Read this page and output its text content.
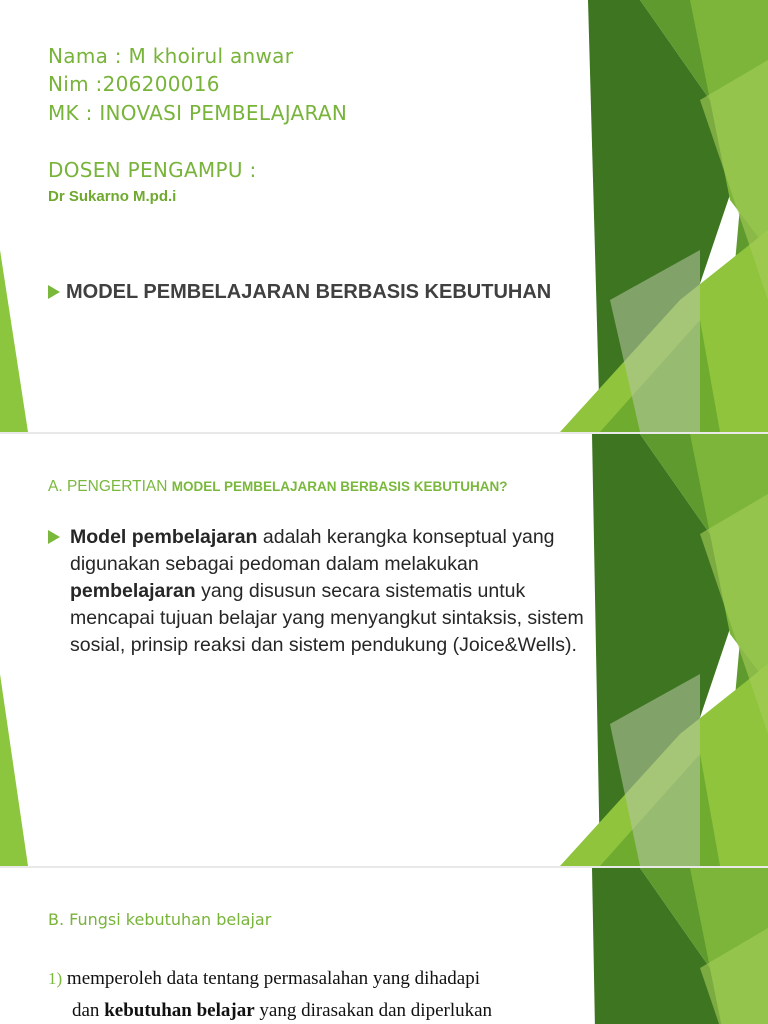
Nama : M khoirul anwar
Nim :206200016
MK : INOVASI PEMBELAJARAN
DOSEN PENGAMPU :
Dr Sukarno M.pd.i
MODEL PEMBELAJARAN BERBASIS KEBUTUHAN
A. PENGERTIAN MODEL PEMBELAJARAN BERBASIS KEBUTUHAN?
Model pembelajaran adalah kerangka konseptual yang digunakan sebagai pedoman dalam melakukan pembelajaran yang disusun secara sistematis untuk mencapai tujuan belajar yang menyangkut sintaksis, sistem sosial, prinsip reaksi dan sistem pendukung (Joice&Wells).
B. Fungsi kebutuhan belajar
1) memperoleh data tentang permasalahan yang dihadapi
dan kebutuhan belajar yang dirasakan dan diperlukan
